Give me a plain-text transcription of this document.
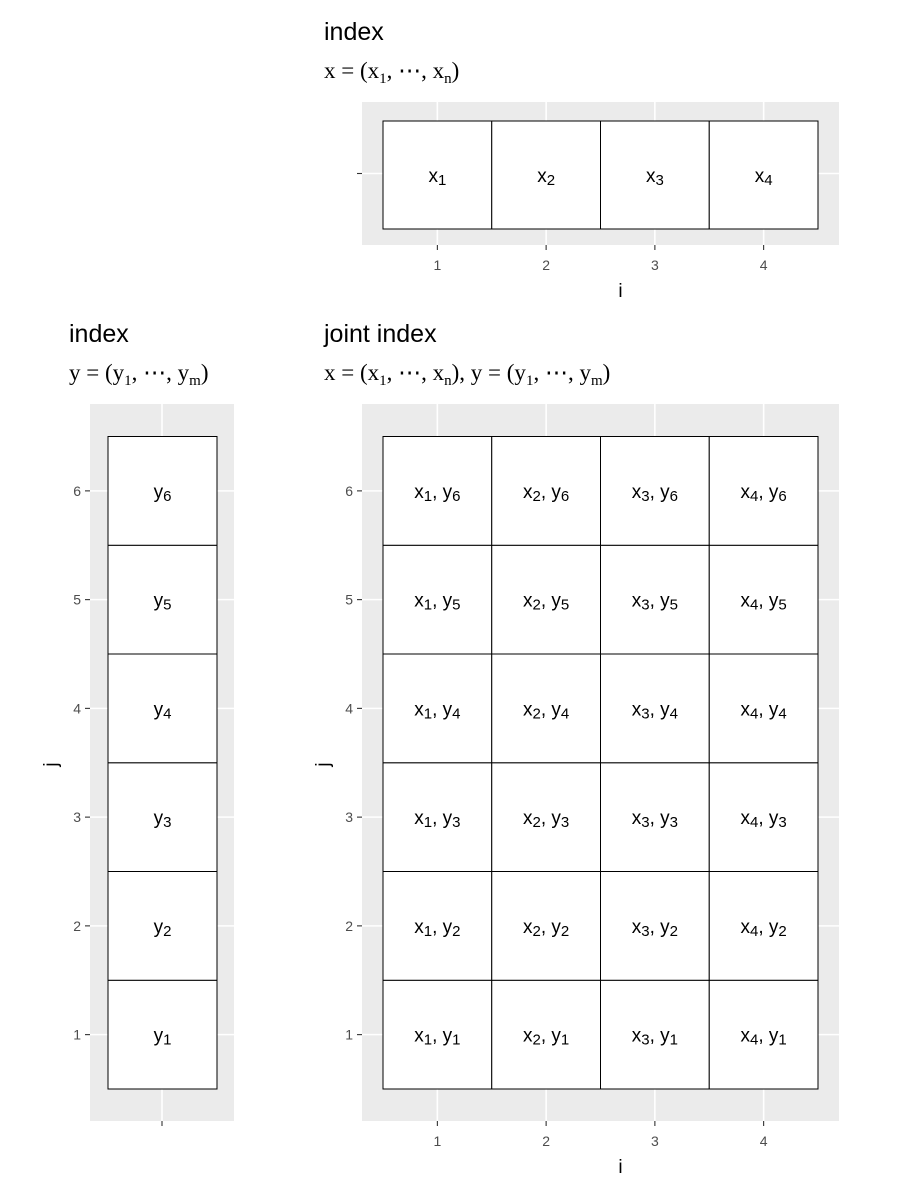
index
$x = (x_1$, ⋯, $x_n$)
index
$y = (y_1$, ⋯, $y_m$)
joint index
$x = (x_1$, ⋯, $x_n$), $y = (y_1$, ⋯, $y_m$)
1	2	3	4
i
x1	x2	x3	x4
1
2
3
4
5
6
j
y1
y2
y3
y4
y5
y6
1	2	3	4
i
1
2
3
4
5
6
j
x1, y1	x2, y1	x3, y1	x4, y1
x1, y2	x2, y2	x3, y2	x4, y2
x1, y3	x2, y3	x3, y3	x4, y3
x1, y4	x2, y4	x3, y4	x4, y4
x1, y5	x2, y5	x3, y5	x4, y5
x1, y6	x2, y6	x3, y6	x4, y6
